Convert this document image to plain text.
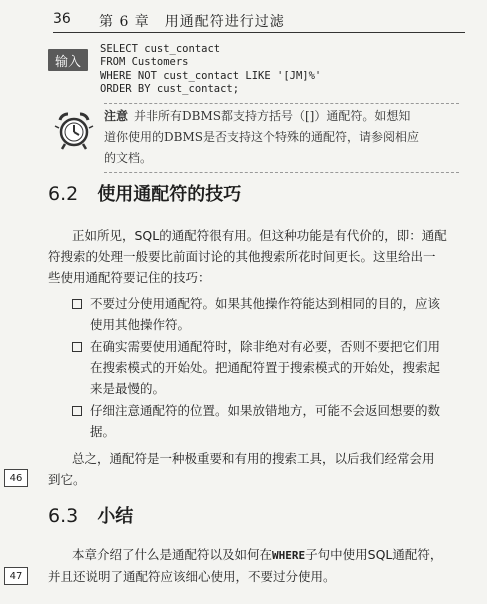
36 第 6 章　用通配符进行过滤
输入
SELECT cust_contact
FROM Customers
WHERE NOT cust_contact LIKE '[JM]%'
ORDER BY cust_contact;
注意 并非所有DBMS都支持方括号（[]）通配符。如想知
道你使用的DBMS是否支持这个特殊的通配符，请参阅相应
的文档。
6.2 使用通配符的技巧
正如所见，SQL的通配符很有用。但这种功能是有代价的，即：通配
符搜索的处理一般要比前面讨论的其他搜索所花时间更长。这里给出一
些使用通配符要记住的技巧：
不要过分使用通配符。如果其他操作符能达到相同的目的，应该
使用其他操作符。
在确实需要使用通配符时，除非绝对有必要，否则不要把它们用
在搜索模式的开始处。把通配符置于搜索模式的开始处，搜索起
来是最慢的。
仔细注意通配符的位置。如果放错地方，可能不会返回想要的数
据。
总之，通配符是一种极重要和有用的搜索工具，以后我们经常会用
到它。
46
6.3 小结
本章介绍了什么是通配符以及如何在WHERE子句中使用SQL通配符，
并且还说明了通配符应该细心使用，不要过分使用。
47
